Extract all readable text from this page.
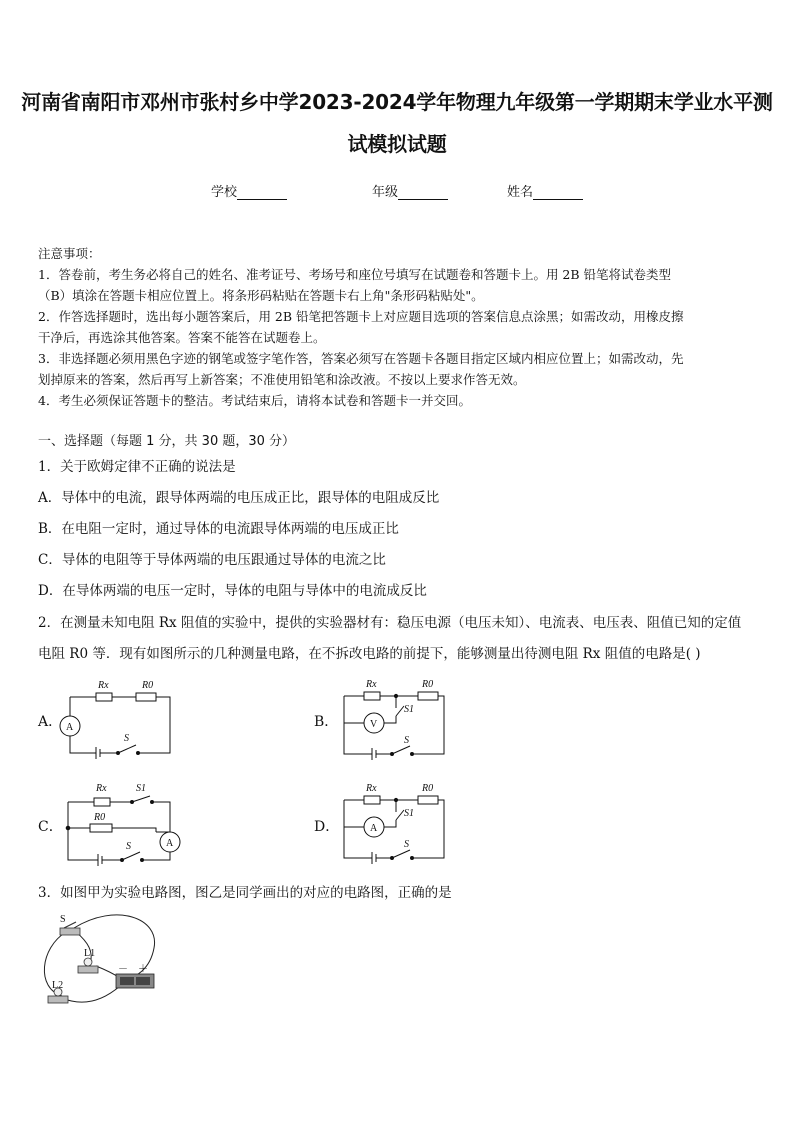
河南省南阳市邓州市张村乡中学2023-2024学年物理九年级第一学期期末学业水平测
试模拟试题
学校	年级	姓名

注意事项：

1．答卷前，考生务必将自己的姓名、准考证号、考场号和座位号填写在试题卷和答题卡上。用 2B 铅笔将试卷类型

（B）填涂在答题卡相应位置上。将条形码粘贴在答题卡右上角"条形码粘贴处"。

2．作答选择题时，选出每小题答案后，用 2B 铅笔把答题卡上对应题目选项的答案信息点涂黑；如需改动，用橡皮擦

干净后，再选涂其他答案。答案不能答在试题卷上。

3．非选择题必须用黑色字迹的钢笔或签字笔作答，答案必须写在答题卡各题目指定区域内相应位置上；如需改动，先

划掉原来的答案，然后再写上新答案；不准使用铅笔和涂改液。不按以上要求作答无效。

4．考生必须保证答题卡的整洁。考试结束后，请将本试卷和答题卡一并交回。

一、选择题（每题 1 分，共 30 题，30 分）
1．关于欧姆定律不正确的说法是
A．导体中的电流，跟导体两端的电压成正比，跟导体的电阻成反比
B．在电阻一定时，通过导体的电流跟导体两端的电压成正比
C．导体的电阻等于导体两端的电压跟通过导体的电流之比
D．在导体两端的电压一定时，导体的电阻与导体中的电流成反比
2．在测量未知电阻 Rx 阻值的实验中，提供的实验器材有：稳压电源（电压未知）、电流表、电压表、阻值已知的定值
电阻 R0 等．现有如图所示的几种测量电路，在不拆改电路的前提下，能够测量出待测电阻 Rx 阻值的电路是( )
A．	B．
C．	D．
Rx	R0
A
S
Rx	R0
V
S1
S
Rx	S1
R0
A
S
Rx	R0
A
S1
S
3．如图甲为实验电路图，图乙是同学画出的对应的电路图，正确的是
S
L1
L2
－ ＋
